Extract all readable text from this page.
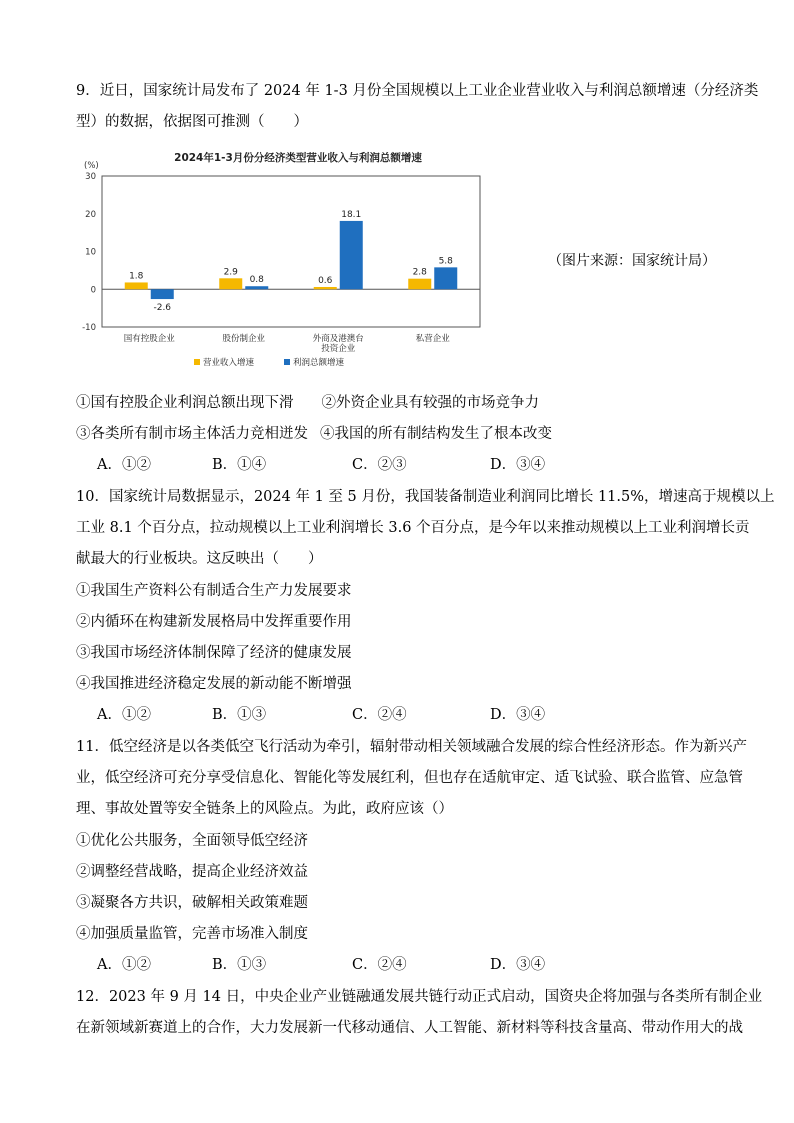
9．近日，国家统计局发布了 2024 年 1-3 月份全国规模以上工业企业营业收入与利润总额增速（分经济类
型）的数据，依据图可推测（　　）
2024年1-3月份分经济类型营业收入与利润总额增速
(%)
-10
0
10
20
30
1.8
-2.6
国有控股企业
2.9
0.8
股份制企业
0.6
18.1
外商及港澳台
投资企业
2.8
5.8
私营企业
营业收入增速	利润总额增速
（图片来源：国家统计局）
①国有控股企业利润总额出现下滑 ②外资企业具有较强的市场竞争力
③各类所有制市场主体活力竞相迸发 ④我国的所有制结构发生了根本改变
A．①②	B．①④	C．②③	D．③④
10．国家统计局数据显示，2024 年 1 至 5 月份，我国装备制造业利润同比增长 11.5%，增速高于规模以上
工业 8.1 个百分点，拉动规模以上工业利润增长 3.6 个百分点，是今年以来推动规模以上工业利润增长贡
献最大的行业板块。这反映出（　　）
①我国生产资料公有制适合生产力发展要求
②内循环在构建新发展格局中发挥重要作用
③我国市场经济体制保障了经济的健康发展
④我国推进经济稳定发展的新动能不断增强
A．①②	B．①③	C．②④	D．③④
11．低空经济是以各类低空飞行活动为牵引，辐射带动相关领域融合发展的综合性经济形态。作为新兴产
业，低空经济可充分享受信息化、智能化等发展红利，但也存在适航审定、适飞试验、联合监管、应急管
理、事故处置等安全链条上的风险点。为此，政府应该（）
①优化公共服务，全面领导低空经济
②调整经营战略，提高企业经济效益
③凝聚各方共识，破解相关政策难题
④加强质量监管，完善市场准入制度
A．①②	B．①③	C．②④	D．③④
12．2023 年 9 月 14 日，中央企业产业链融通发展共链行动正式启动，国资央企将加强与各类所有制企业
在新领域新赛道上的合作，大力发展新一代移动通信、人工智能、新材料等科技含量高、带动作用大的战
